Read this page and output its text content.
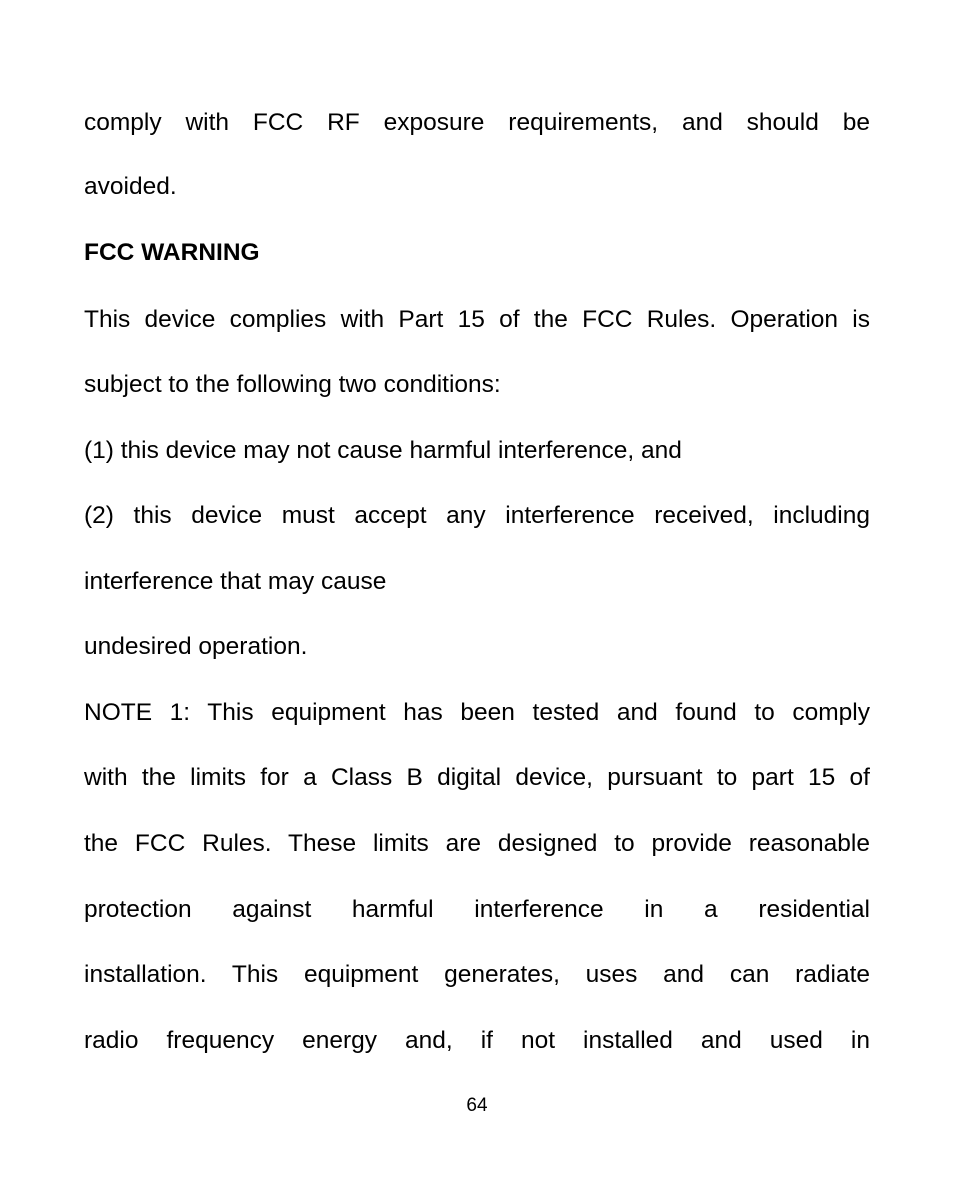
comply with FCC RF exposure requirements, and should be
avoided.
FCC WARNING
This device complies with Part 15 of the FCC Rules. Operation is
subject to the following two conditions:
(1) this device may not cause harmful interference, and
(2) this device must accept any interference received, including
interference that may cause
undesired operation.
NOTE 1: This equipment has been tested and found to comply
with the limits for a Class B digital device, pursuant to part 15 of
the FCC Rules. These limits are designed to provide reasonable
protection against harmful interference in a residential
installation. This equipment generates, uses and can radiate
radio frequency energy and, if not installed and used in
64
